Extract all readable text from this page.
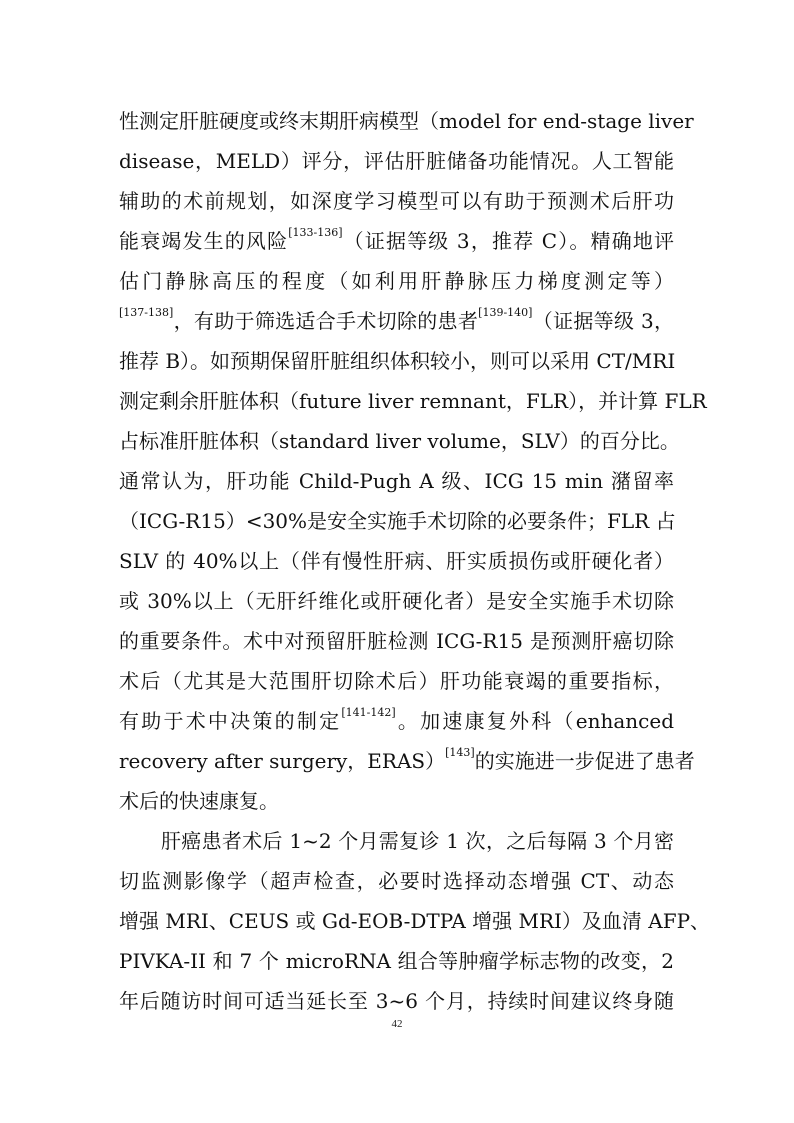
性测定肝脏硬度或终末期肝病模型（model for end-stage liver
disease，MELD）评分，评估肝脏储备功能情况。人工智能
辅助的术前规划，如深度学习模型可以有助于预测术后肝功
能衰竭发生的风险[133-136]（证据等级 3，推荐 C）。精确地评
估门静脉高压的程度（如利用肝静脉压力梯度测定等）
[137-138]，有助于筛选适合手术切除的患者[139-140]（证据等级 3，
推荐 B）。如预期保留肝脏组织体积较小，则可以采用 CT/MRI
测定剩余肝脏体积（future liver remnant，FLR），并计算 FLR
占标准肝脏体积（standard liver volume，SLV）的百分比。
通常认为，肝功能 Child-Pugh A 级、ICG 15 min 潴留率
（ICG-R15）<30%是安全实施手术切除的必要条件；FLR 占
SLV 的 40%以上（伴有慢性肝病、肝实质损伤或肝硬化者）
或 30%以上（无肝纤维化或肝硬化者）是安全实施手术切除
的重要条件。术中对预留肝脏检测 ICG-R15 是预测肝癌切除
术后（尤其是大范围肝切除术后）肝功能衰竭的重要指标，
有助于术中决策的制定[141-142]。加速康复外科（enhanced
recovery after surgery，ERAS）[143]的实施进一步促进了患者
术后的快速康复。
肝癌患者术后 1~2 个月需复诊 1 次，之后每隔 3 个月密
切监测影像学（超声检查，必要时选择动态增强 CT、动态
增强 MRI、CEUS 或 Gd-EOB-DTPA 增强 MRI）及血清 AFP、
PIVKA-II 和 7 个 microRNA 组合等肿瘤学标志物的改变，2
年后随访时间可适当延长至 3~6 个月，持续时间建议终身随
42
